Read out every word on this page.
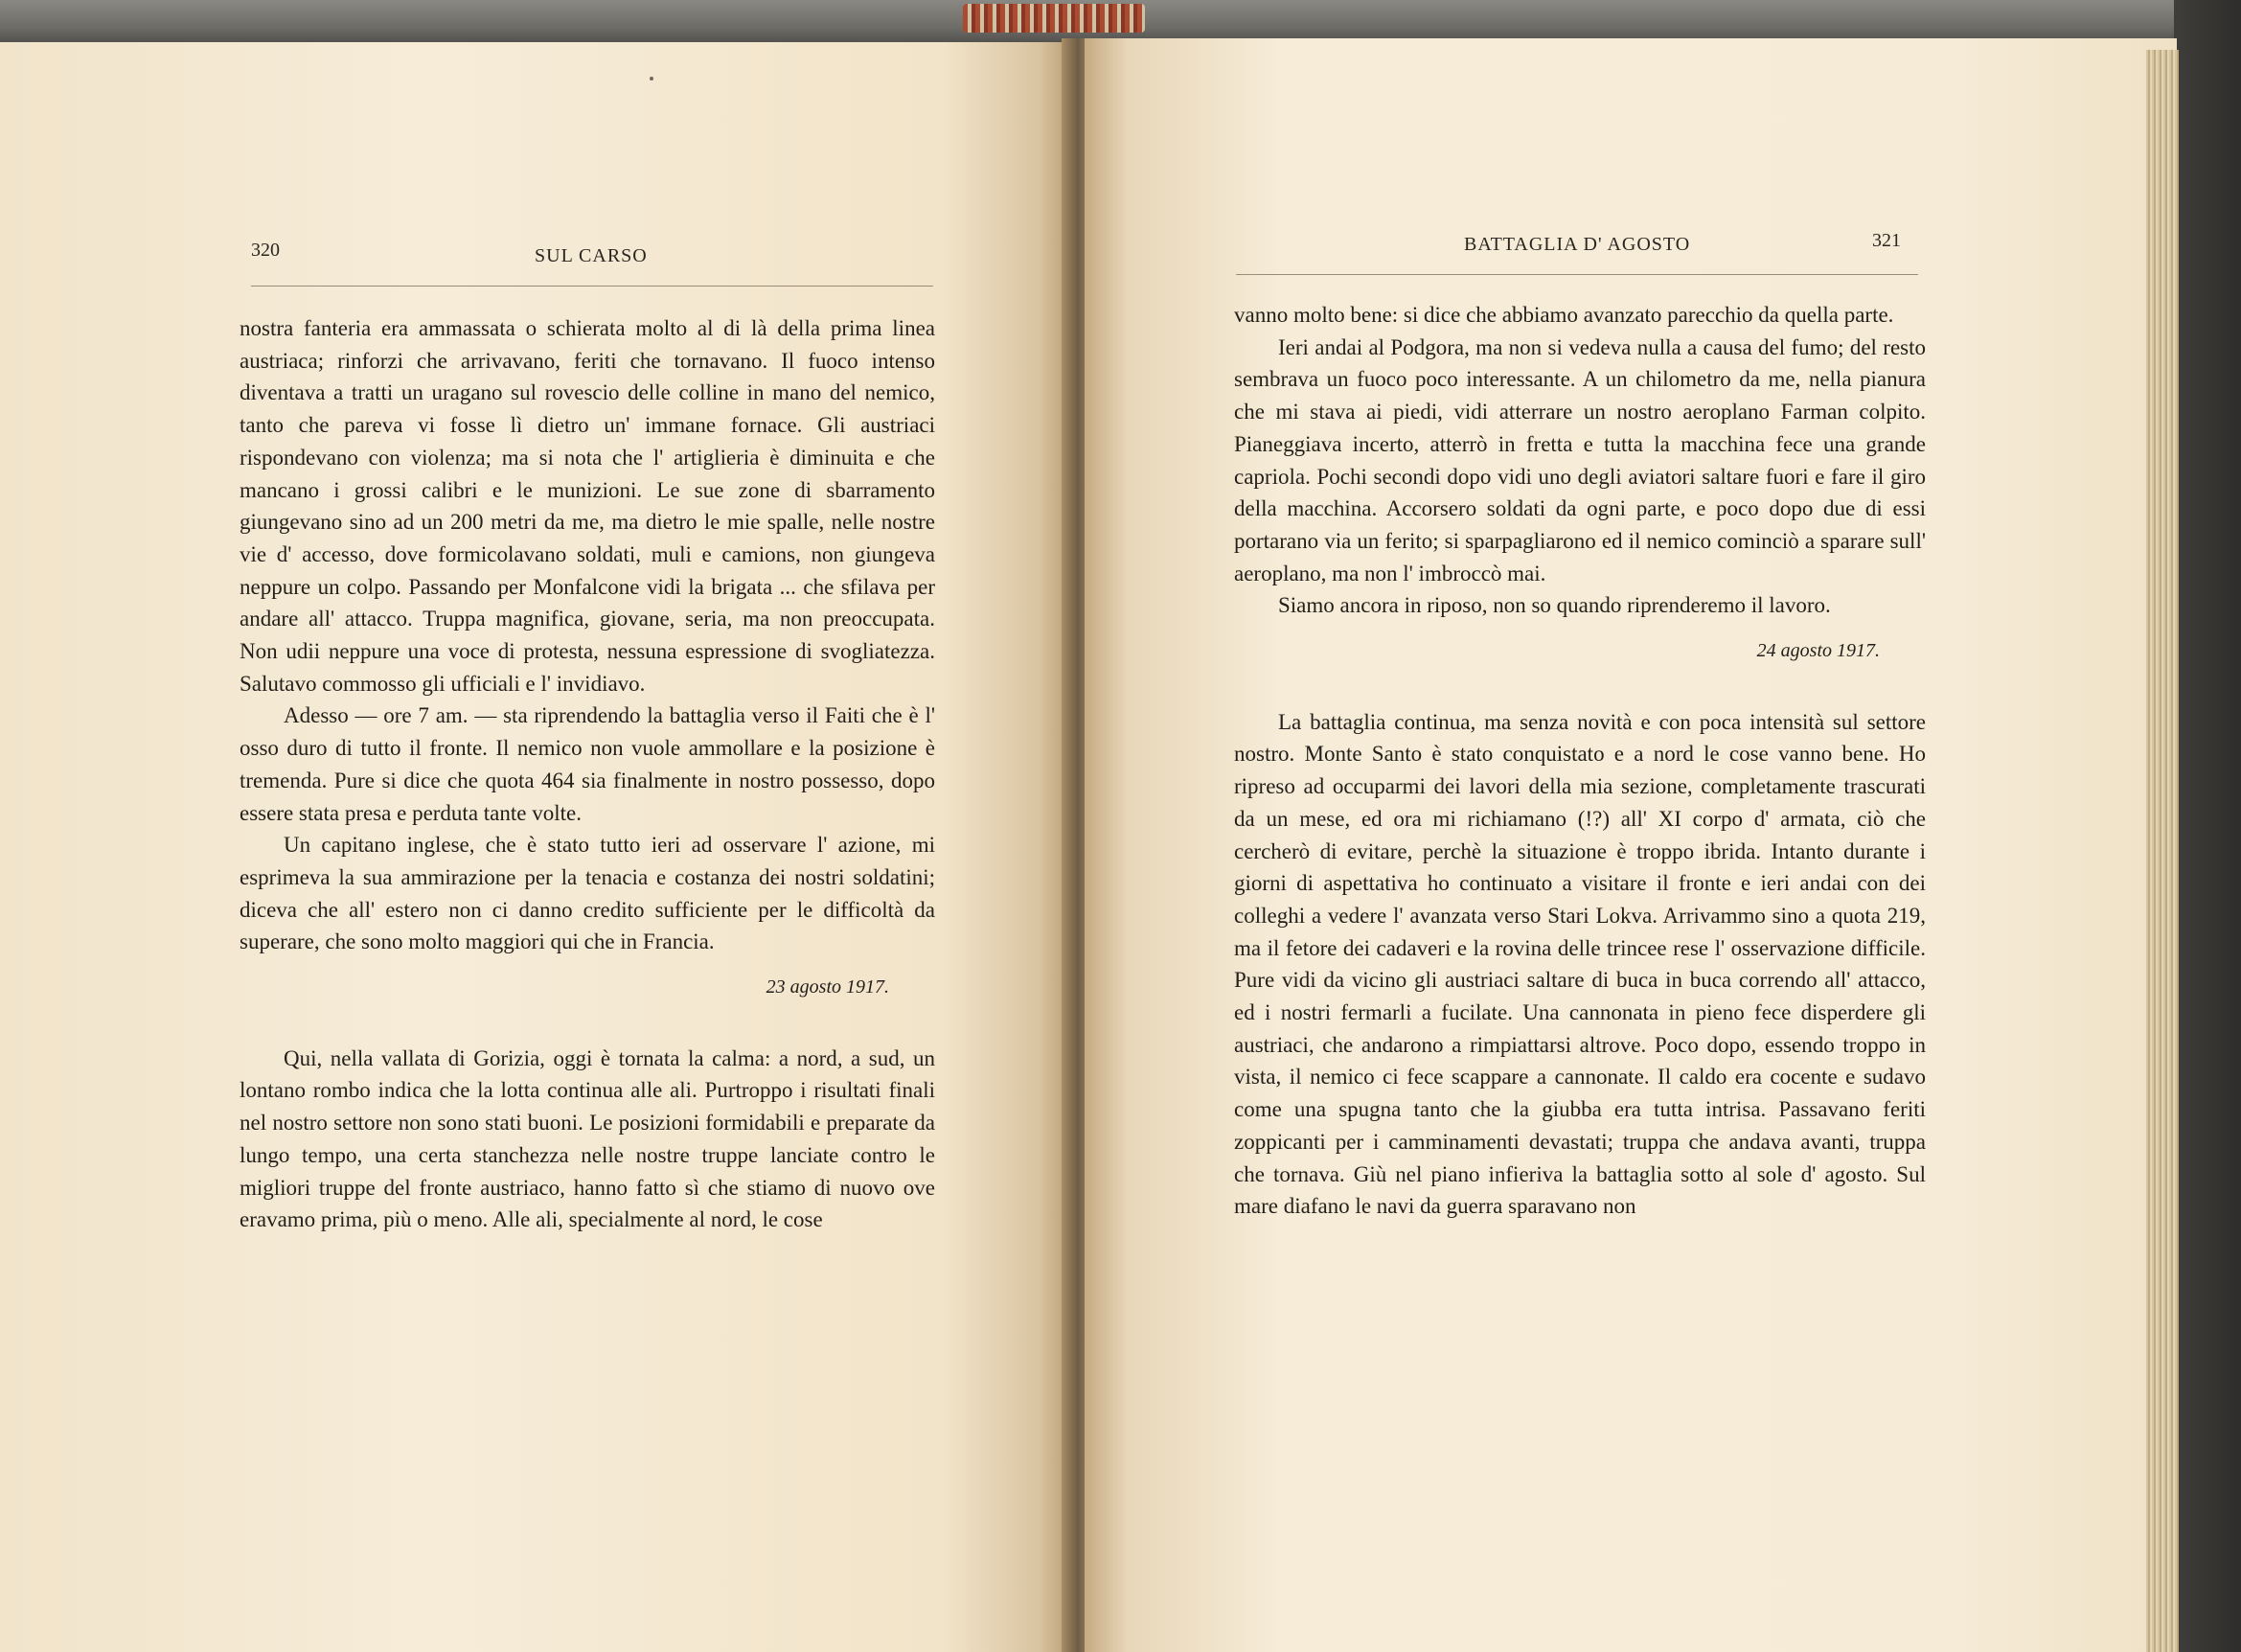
320	SUL CARSO

nostra fanteria era ammassata o schierata molto al di là della prima linea austriaca; rinforzi che arrivavano, feriti che tornavano. Il fuoco intenso diventava a tratti un uragano sul rovescio delle colline in mano del nemico, tanto che pareva vi fosse lì dietro un' immane fornace. Gli austriaci rispondevano con violenza; ma si nota che l' artiglieria è diminuita e che mancano i grossi calibri e le munizioni. Le sue zone di sbarramento giungevano sino ad un 200 metri da me, ma dietro le mie spalle, nelle nostre vie d' accesso, dove formicolavano soldati, muli e camions, non giungeva neppure un colpo. Passando per Monfalcone vidi la brigata ... che sfilava per andare all' attacco. Truppa magnifica, giovane, seria, ma non preoccupata. Non udii neppure una voce di protesta, nessuna espressione di svogliatezza. Salutavo commosso gli ufficiali e l' invidiavo.

Adesso — ore 7 am. — sta riprendendo la battaglia verso il Faiti che è l' osso duro di tutto il fronte. Il nemico non vuole ammollare e la posizione è tremenda. Pure si dice che quota 464 sia finalmente in nostro possesso, dopo essere stata presa e perduta tante volte.

Un capitano inglese, che è stato tutto ieri ad osservare l' azione, mi esprimeva la sua ammirazione per la tenacia e costanza dei nostri soldatini; diceva che all' estero non ci danno credito sufficiente per le difficoltà da superare, che sono molto maggiori qui che in Francia.

23 agosto 1917.

Qui, nella vallata di Gorizia, oggi è tornata la calma: a nord, a sud, un lontano rombo indica che la lotta continua alle ali. Purtroppo i risultati finali nel nostro settore non sono stati buoni. Le posizioni formidabili e preparate da lungo tempo, una certa stanchezza nelle nostre truppe lanciate contro le migliori truppe del fronte austriaco, hanno fatto sì che stiamo di nuovo ove eravamo prima, più o meno. Alle ali, specialmente al nord, le cose

BATTAGLIA D' AGOSTO	321

vanno molto bene: si dice che abbiamo avanzato parecchio da quella parte.

Ieri andai al Podgora, ma non si vedeva nulla a causa del fumo; del resto sembrava un fuoco poco interessante. A un chilometro da me, nella pianura che mi stava ai piedi, vidi atterrare un nostro aeroplano Farman colpito. Pianeggiava incerto, atterrò in fretta e tutta la macchina fece una grande capriola. Pochi secondi dopo vidi uno degli aviatori saltare fuori e fare il giro della macchina. Accorsero soldati da ogni parte, e poco dopo due di essi portarano via un ferito; si sparpagliarono ed il nemico cominciò a sparare sull' aeroplano, ma non l' imbroccò mai.

Siamo ancora in riposo, non so quando riprenderemo il lavoro.

24 agosto 1917.

La battaglia continua, ma senza novità e con poca intensità sul settore nostro. Monte Santo è stato conquistato e a nord le cose vanno bene. Ho ripreso ad occuparmi dei lavori della mia sezione, completamente trascurati da un mese, ed ora mi richiamano (!?) all' XI corpo d' armata, ciò che cercherò di evitare, perchè la situazione è troppo ibrida. Intanto durante i giorni di aspettativa ho continuato a visitare il fronte e ieri andai con dei colleghi a vedere l' avanzata verso Stari Lokva. Arrivammo sino a quota 219, ma il fetore dei cadaveri e la rovina delle trincee rese l' osservazione difficile. Pure vidi da vicino gli austriaci saltare di buca in buca correndo all' attacco, ed i nostri fermarli a fucilate. Una cannonata in pieno fece disperdere gli austriaci, che andarono a rimpiattarsi altrove. Poco dopo, essendo troppo in vista, il nemico ci fece scappare a cannonate. Il caldo era cocente e sudavo come una spugna tanto che la giubba era tutta intrisa. Passavano feriti zoppicanti per i camminamenti devastati; truppa che andava avanti, truppa che tornava. Giù nel piano infieriva la battaglia sotto al sole d' agosto. Sul mare diafano le navi da guerra sparavano non
